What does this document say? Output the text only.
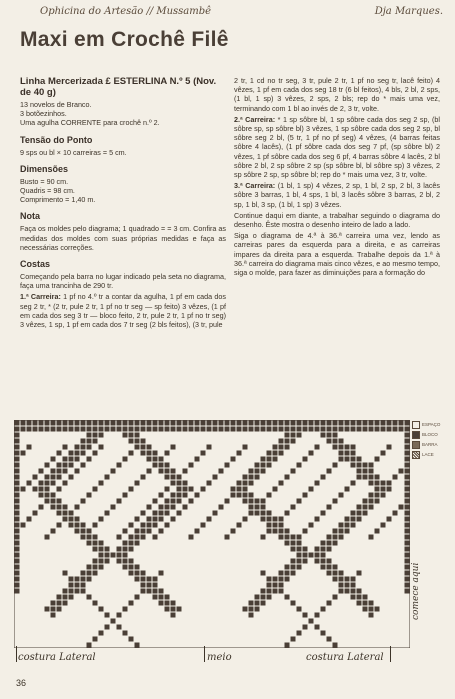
Ophicina do Artesão // Mussambê	Dja Marques.
Maxi em Crochê Filê
Linha Mercerizada £ ESTERLINA N.º 5 (Nov. de 40 g)

13 novelos de Branco.

3 botõezinhos.

Uma agulha CORRENTE para crochê n.º 2.

Tensão do Ponto

9 sps ou bl × 10 carreiras = 5 cm.

Dimensões

Busto = 90 cm.

Quadris = 98 cm.

Comprimento = 1,40 m.

Nota

Faça os moldes pelo diagrama; 1 quadrado = = 3 cm. Confira as medidas dos moldes com suas próprias medidas e faça as necessárias correções.

Costas

Começando pela barra no lugar indicado pela seta no diagrama, faça uma trancinha de 290 tr.

1.ª Carreira: 1 pf no 4.º tr a contar da agulha, 1 pf em cada dos seg 2 tr, * (2 tr, pule 2 tr, 1 pf no tr seg — sp feito) 3 vêzes, (1 pf em cada dos seg 3 tr — bloco feito, 2 tr, pule 2 tr, 1 pf no tr seg) 3 vêzes, 1 sp, 1 pf em cada dos 7 tr seg (2 bls feitos), (3 tr, pule

2 tr, 1 cd no tr seg, 3 tr, pule 2 tr, 1 pf no seg tr, lacê feito) 4 vêzes, 1 pf em cada dos seg 18 tr (6 bl feitos), 4 bls, 2 bl, 2 sps, (1 bl, 1 sp) 3 vêzes, 2 sps, 2 bls; rep do * mais uma vez, terminando com 1 bl ao invés de 2, 3 tr, volte.

2.ª Carreira: * 1 sp sôbre bl, 1 sp sôbre cada dos seg 2 sp, (bl sôbre sp, sp sôbre bl) 3 vêzes, 1 sp sôbre cada dos seg 2 sp, bl sôbre seg 2 bl, (5 tr, 1 pf no pf seg) 4 vêzes, (4 barras feitas sôbre 4 lacês), (1 pf sôbre cada dos seg 7 pf, (sp sôbre bl) 2 vêzes, 1 pf sôbre cada dos seg 6 pf, 4 barras sôbre 4 lacês, 2 bl sôbre 2 bl, 2 sp sôbre 2 sp (sp sôbre bl, bl sôbre sp) 3 vêzes, 2 sp sôbre 2 sp, sp sôbre bl; rep do * mais uma vez, 3 tr, volte.

3.ª Carreira: (1 bl, 1 sp) 4 vêzes, 2 sp, 1 bl, 2 sp, 2 bl, 3 lacês sôbre 3 barras, 1 bl, 4 sps, 1 bl, 3 lacês sôbre 3 barras, 2 bl, 2 sp, 1 bl, 3 sp, (1 bl, 1 sp) 3 vêzes.

Continue daqui em diante, a trabalhar seguindo o diagrama do desenho. Êste mostra o desenho inteiro de lado a lado.

Siga o diagrama de 4.ª à 36.ª carreira uma vez, lendo as carreiras pares da esquerda para a direita, e as carreiras impares da direita para a esquerda. Trabalhe depois da 1.ª à 36.ª carreira do diagrama mais cinco vêzes, e ao mesmo tempo, siga o molde, para fazer as diminuições para a formação do

ESPAÇO
BLOCO
BARRA
LACE
comece aqui
costura Lateral	meio	costura Lateral
36
